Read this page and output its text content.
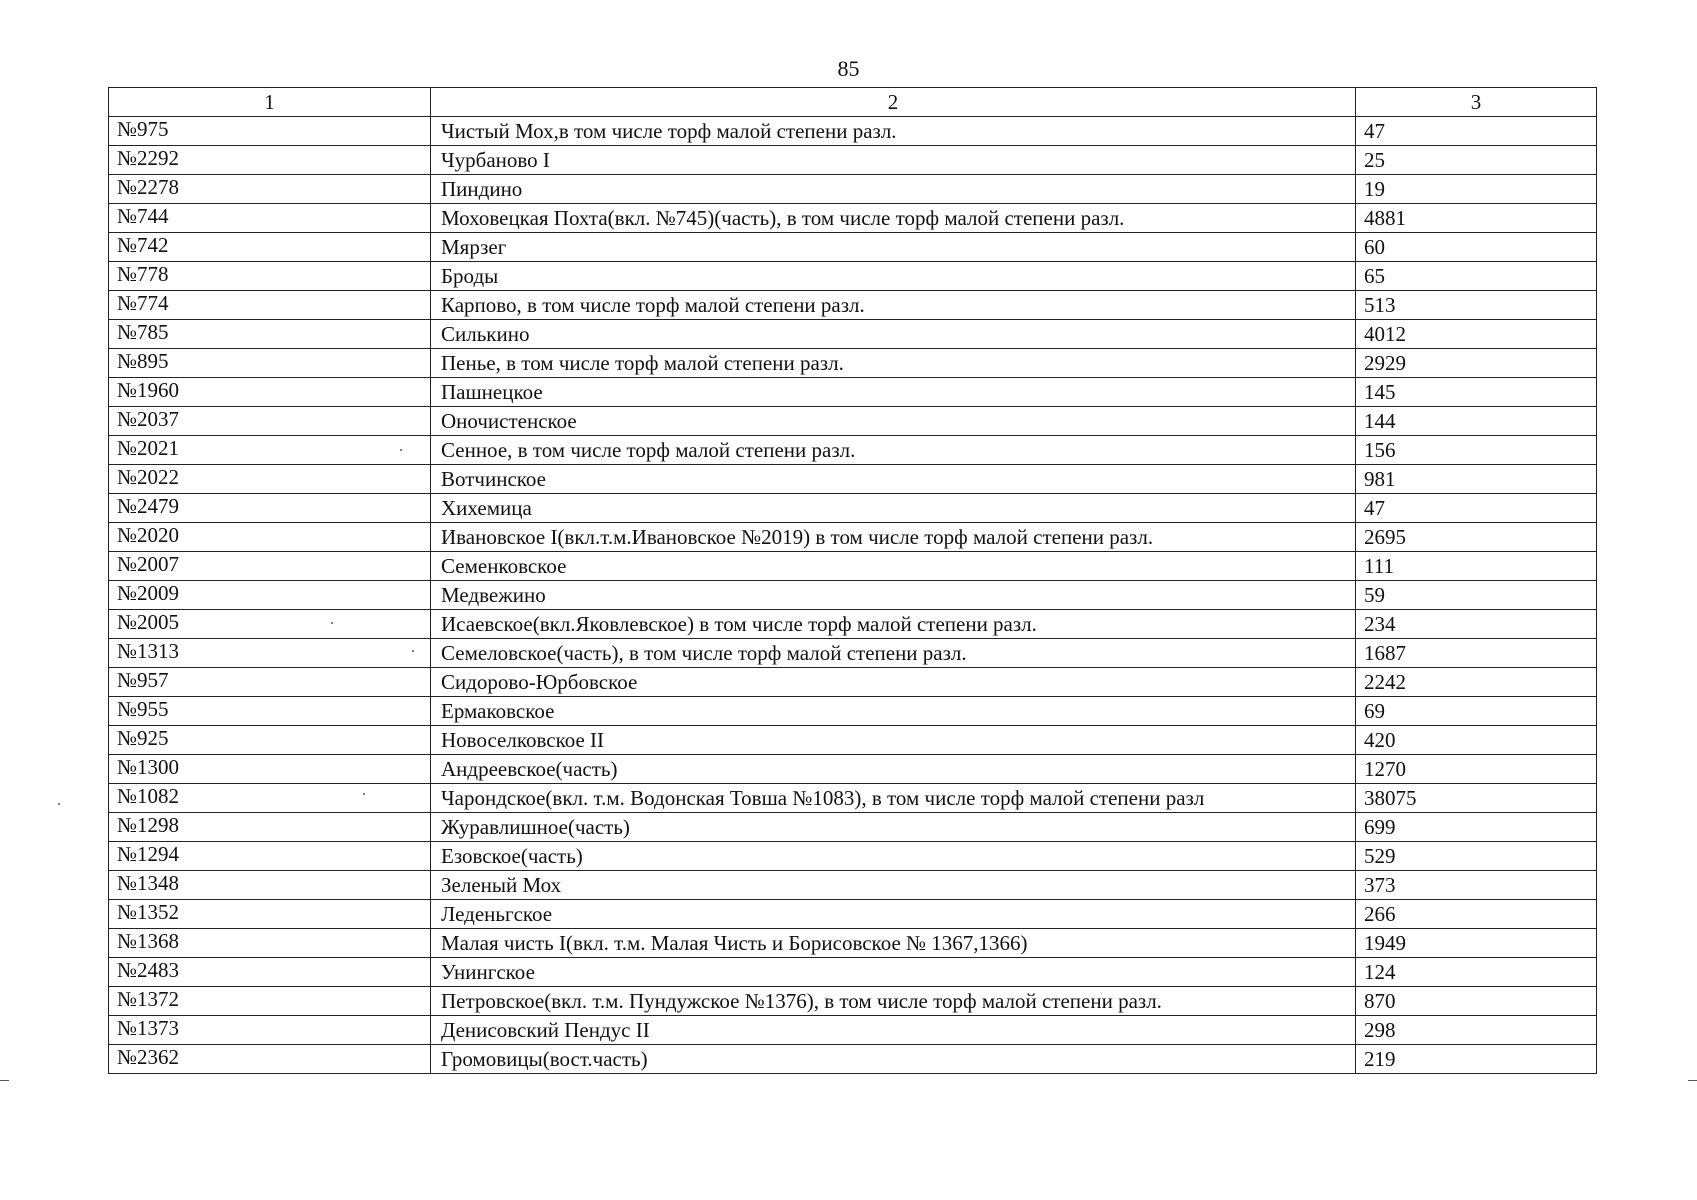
85
1	2	3
№975	Чистый Мох,в том числе торф малой степени разл.	47
№2292	Чурбаново I	25
№2278	Пиндино	19
№744	Моховецкая Похта(вкл. №745)(часть), в том числе торф малой степени разл.	4881
№742	Мярзег	60
№778	Броды	65
№774	Карпово, в том числе торф малой степени разл.	513
№785	Силькино	4012
№895	Пенье, в том числе торф малой степени разл.	2929
№1960	Пашнецкое	145
№2037	Оночистенское	144
№2021	Сенное, в том числе торф малой степени разл.	156
№2022	Вотчинское	981
№2479	Хихемица	47
№2020	Ивановское I(вкл.т.м.Ивановское №2019) в том числе торф малой степени разл.	2695
№2007	Семенковское	111
№2009	Медвежино	59
№2005	Исаевское(вкл.Яковлевское) в том числе торф малой степени разл.	234
№1313	Семеловское(часть), в том числе торф малой степени разл.	1687
№957	Сидорово-Юрбовское	2242
№955	Ермаковское	69
№925	Новоселковское II	420
№1300	Андреевское(часть)	1270
№1082	Чарондское(вкл. т.м. Водонская Товша №1083), в том числе торф малой степени разл	38075
№1298	Журавлишное(часть)	699
№1294	Езовское(часть)	529
№1348	Зеленый Мох	373
№1352	Леденьгское	266
№1368	Малая чисть I(вкл. т.м. Малая Чисть и Борисовское № 1367,1366)	1949
№2483	Унингское	124
№1372	Петровское(вкл. т.м. Пундужское №1376), в том числе торф малой степени разл.	870
№1373	Денисовский Пендус II	298
№2362	Громовицы(вост.часть)	219
